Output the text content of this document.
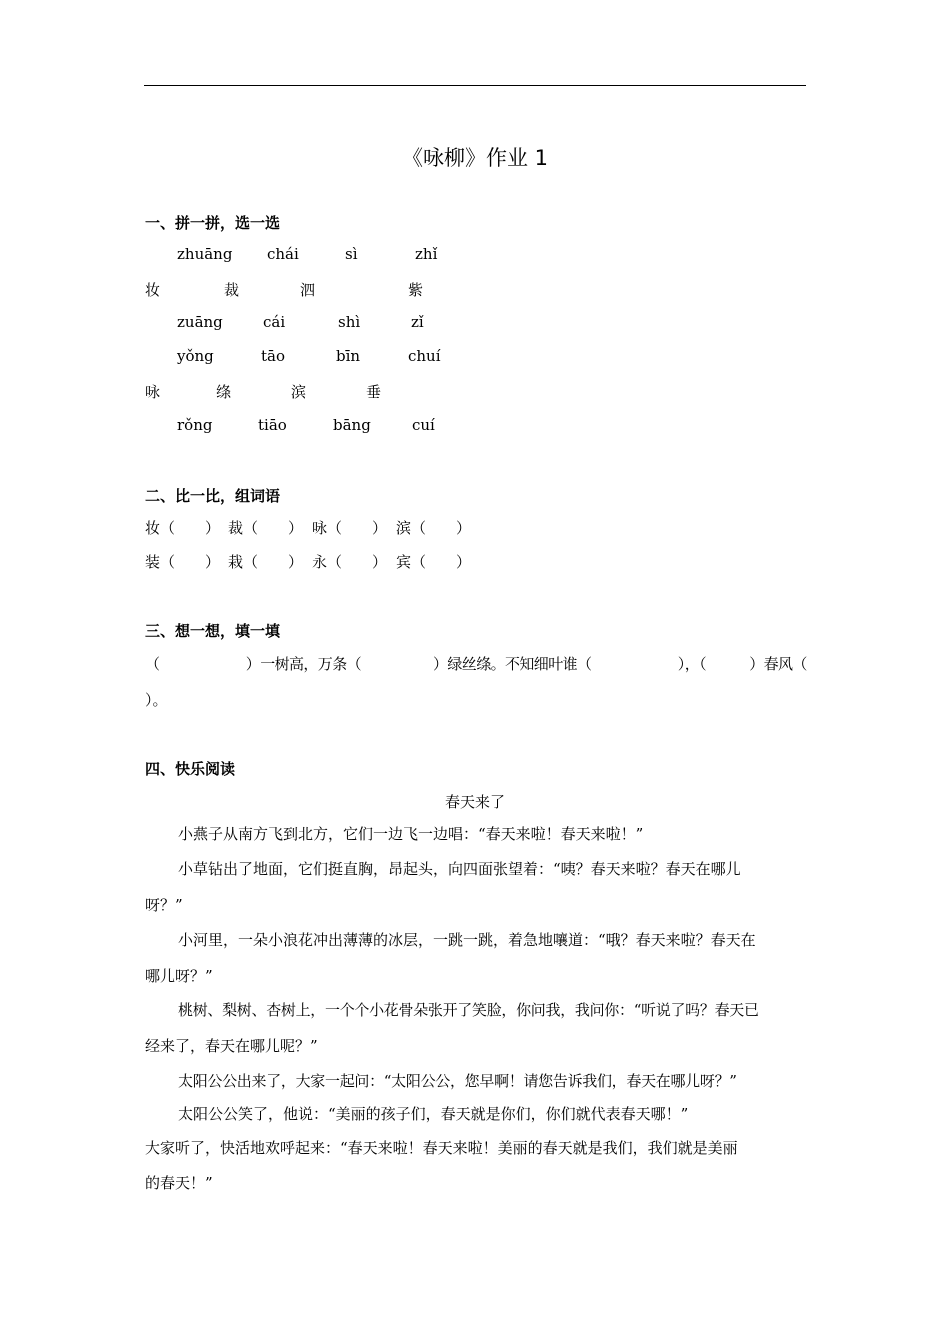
《咏柳》作业 1
一、拼一拼，选一选
zhuāng chái	sì	zhǐ
妆	裁	泗	紫
zuāng	cái	shì	zǐ
yǒng	tāo	bīn	chuí
咏	绦	滨	垂
rǒng	tiāo	bāng	cuí
二、比一比，组词语
妆（　　） 裁（　　） 咏（　　） 滨（　　）
装（　　） 栽（　　） 永（　　） 宾（　　）
三、想一想，填一填
（　　　　　　）一树高，万条（　　　　　）绿丝绦。不知细叶谁（　　　　　　），（　　　）春风（
）。
四、快乐阅读
春天来了
小燕子从南方飞到北方，它们一边飞一边唱：“春天来啦！春天来啦！”
小草钻出了地面，它们挺直胸，昂起头，向四面张望着：“咦？春天来啦？春天在哪儿
呀？”
小河里，一朵小浪花冲出薄薄的冰层，一跳一跳，着急地嚷道：“哦？春天来啦？春天在
哪儿呀？”
桃树、梨树、杏树上，一个个小花骨朵张开了笑脸，你问我，我问你：“听说了吗？春天已
经来了，春天在哪儿呢？”
太阳公公出来了，大家一起问：“太阳公公，您早啊！请您告诉我们，春天在哪儿呀？”
太阳公公笑了，他说：“美丽的孩子们，春天就是你们，你们就代表春天哪！”
大家听了，快活地欢呼起来：“春天来啦！春天来啦！美丽的春天就是我们，我们就是美丽
的春天！”
